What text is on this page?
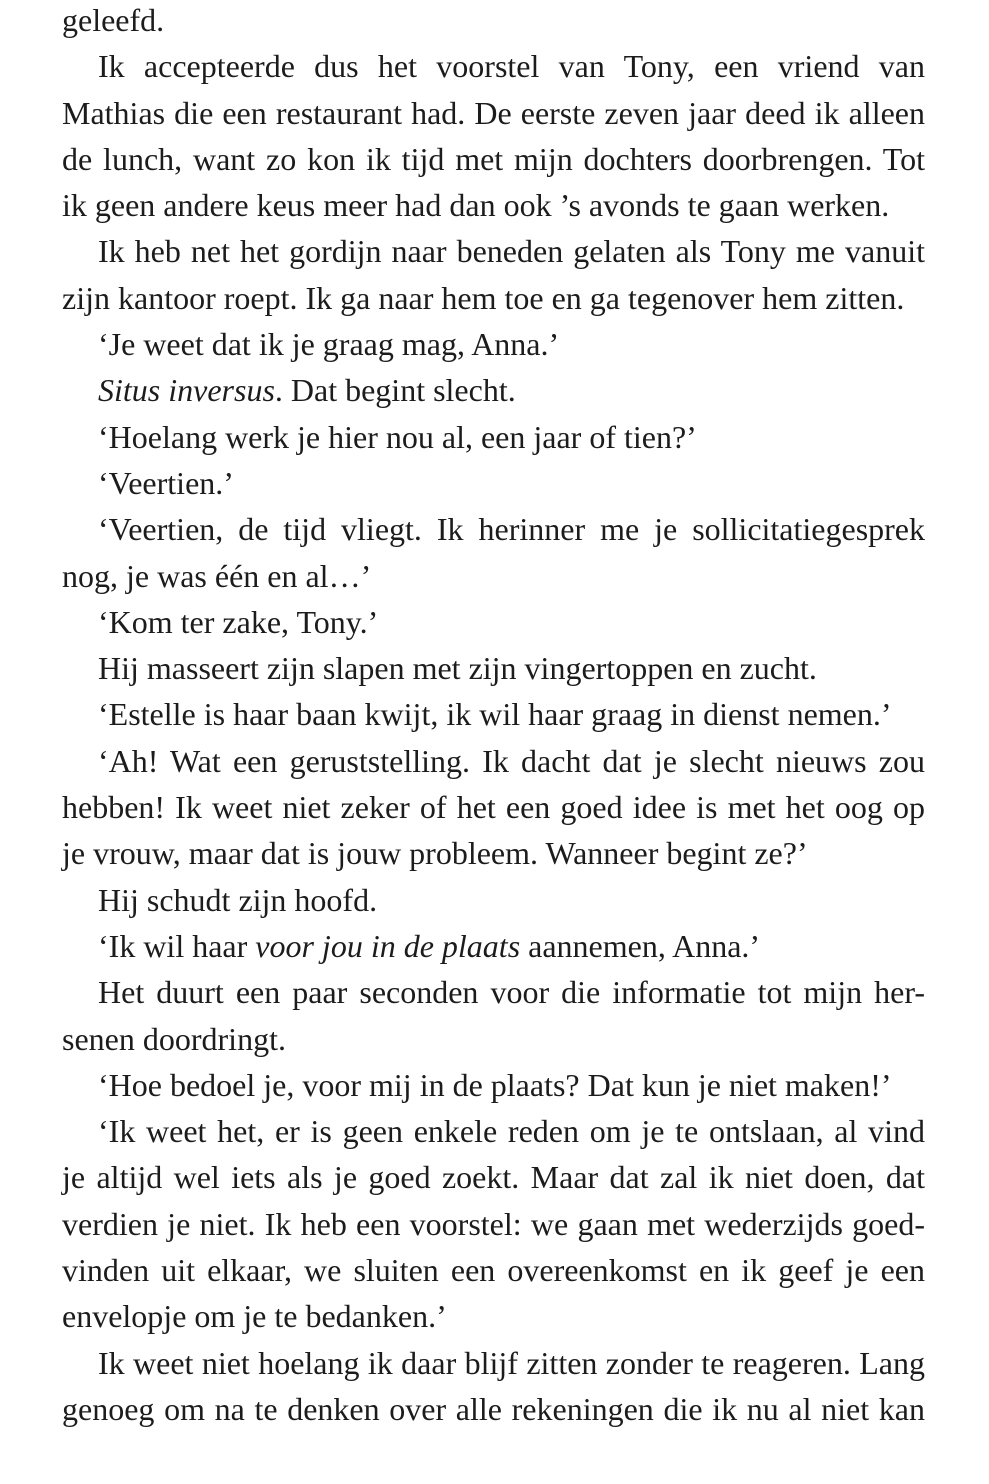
geleefd.
Ik accepteerde dus het voorstel van Tony, een vriend van
Mathias die een restaurant had. De eerste zeven jaar deed ik alleen
de lunch, want zo kon ik tijd met mijn dochters doorbrengen. Tot
ik geen andere keus meer had dan ook ’s avonds te gaan werken.
Ik heb net het gordijn naar beneden gelaten als Tony me vanuit
zijn kantoor roept. Ik ga naar hem toe en ga tegenover hem zitten.
‘Je weet dat ik je graag mag, Anna.’
Situs inversus. Dat begint slecht.
‘Hoelang werk je hier nou al, een jaar of tien?’
‘Veertien.’
‘Veertien, de tijd vliegt. Ik herinner me je sollicitatiegesprek
nog, je was één en al…’
‘Kom ter zake, Tony.’
Hij masseert zijn slapen met zijn vingertoppen en zucht.
‘Estelle is haar baan kwijt, ik wil haar graag in dienst nemen.’
‘Ah! Wat een geruststelling. Ik dacht dat je slecht nieuws zou
hebben! Ik weet niet zeker of het een goed idee is met het oog op
je vrouw, maar dat is jouw probleem. Wanneer begint ze?’
Hij schudt zijn hoofd.
‘Ik wil haar voor jou in de plaats aannemen, Anna.’
Het duurt een paar seconden voor die informatie tot mijn her-
senen doordringt.
‘Hoe bedoel je, voor mij in de plaats? Dat kun je niet maken!’
‘Ik weet het, er is geen enkele reden om je te ontslaan, al vind
je altijd wel iets als je goed zoekt. Maar dat zal ik niet doen, dat
verdien je niet. Ik heb een voorstel: we gaan met wederzijds goed-
vinden uit elkaar, we sluiten een overeenkomst en ik geef je een
envelopje om je te bedanken.’
Ik weet niet hoelang ik daar blijf zitten zonder te reageren. Lang
genoeg om na te denken over alle rekeningen die ik nu al niet kan
